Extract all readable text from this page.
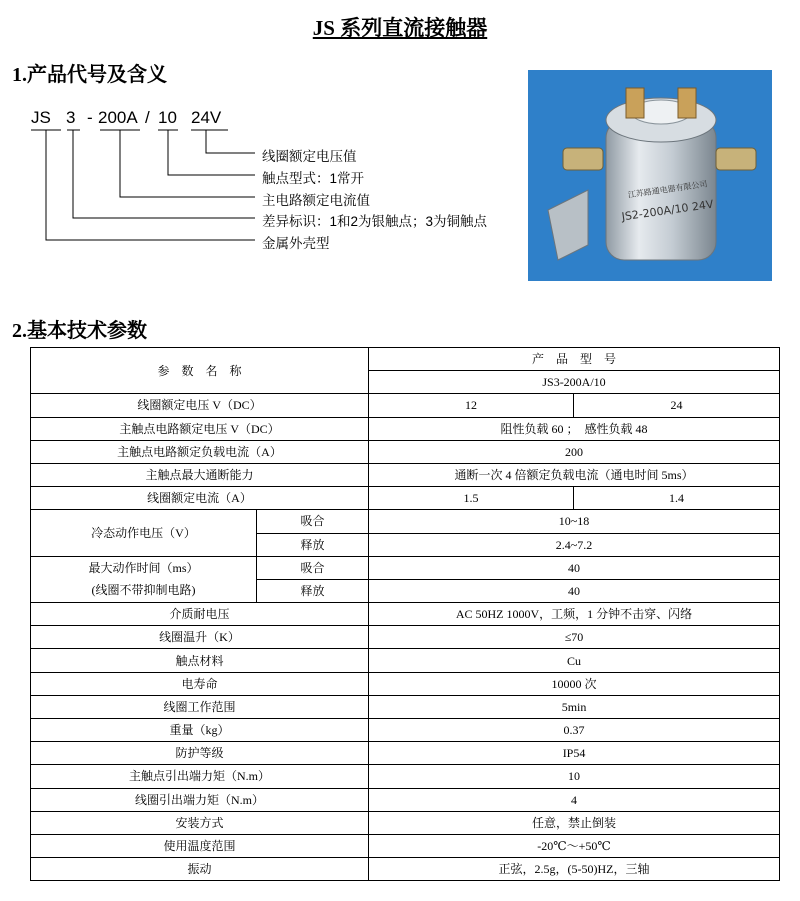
JS 系列直流接触器
1.产品代号及含义
JS 3 - 200A / 10 24V
线圈额定电压值
触点型式：1常开
主电路额定电流值
差异标识：1和2为银触点；3为铜触点
金属外壳型
江苏路通电器有限公司
JS2-200A/10 24V
2.基本技术参数
参　数　名　称		产　品　型　号	
		JS3-200A/10	
线圈额定电压 V（DC）		12	24
主触点电路额定电压 V（DC）		阻性负载 60 ；　感性负载 48	
主触点电路额定负载电流（A）		200	
主触点最大通断能力		通断一次 4 倍额定负载电流（通电时间 5ms）	
线圈额定电流（A）		1.5	1.4
冷态动作电压（V）	吸合	10~18	
	释放	2.4~7.2	

最大动作时间（ms）
(线圈不带抑制电路)	吸合	40	
	释放	40	
介质耐电压		AC 50HZ 1000V，工频，1 分钟不击穿、闪络	
线圈温升（K）		≤70	
触点材料		Cu	
电寿命		10000 次	
线圈工作范围		5min	
重量（kg）		0.37	
防护等级		IP54	
主触点引出端力矩（N.m）		10	
线圈引出端力矩（N.m）		4	
安装方式		任意，禁止倒装	
使用温度范围		-20℃～+50℃	
振动		正弦，2.5g，(5-50)HZ，三轴	
